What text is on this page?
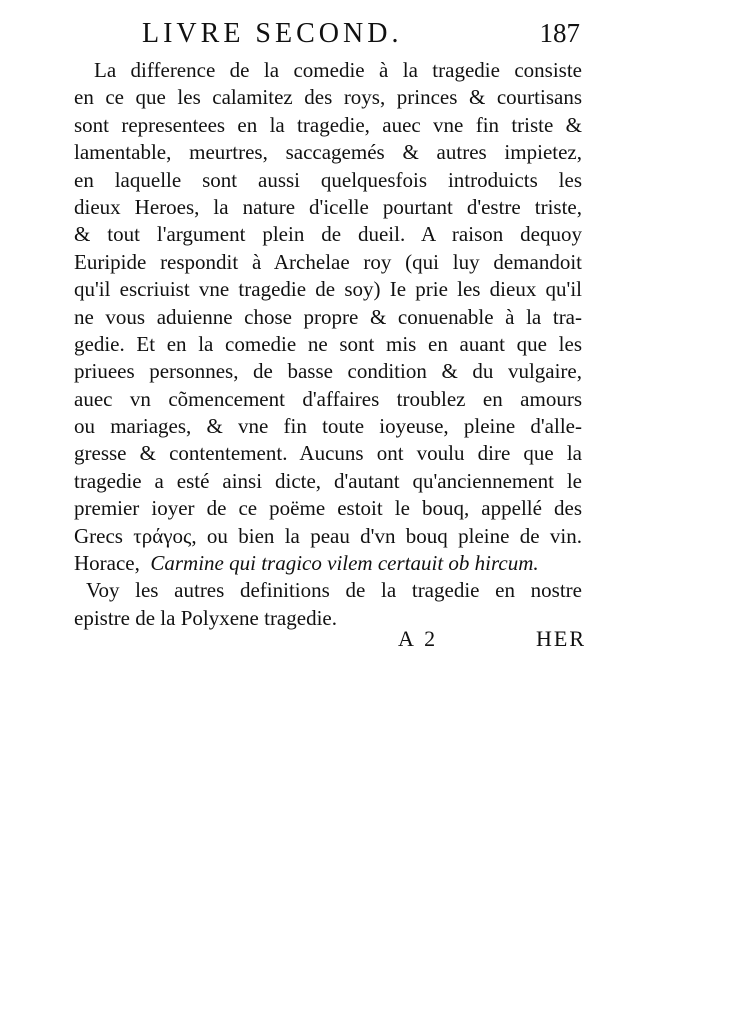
LIVRE SECOND.	187
La difference de la comedie à la tragedie consiste
en ce que les calamitez des roys, princes & courtisans
sont representees en la tragedie, auec vne fin triste &
lamentable, meurtres, saccagemés & autres impietez,
en laquelle sont aussi quelquesfois introduicts les
dieux Heroes, la nature d'icelle pourtant d'estre triste,
& tout l'argument plein de dueil. A raison dequoy
Euripide respondit à Archelae roy (qui luy demandoit
qu'il escriuist vne tragedie de soy) Ie prie les dieux qu'il
ne vous aduienne chose propre & conuenable à la tra-
gedie. Et en la comedie ne sont mis en auant que les
priuees personnes, de basse condition & du vulgaire,
auec vn cõmencement d'affaires troublez en amours
ou mariages, & vne fin toute ioyeuse, pleine d'alle-
gresse & contentement. Aucuns ont voulu dire que la
tragedie a esté ainsi dicte, d'autant qu'anciennement le
premier ioyer de ce poëme estoit le bouq, appellé des
Grecs τράγος, ou bien la peau d'vn bouq pleine de vin.
Horace, Carmine qui tragico vilem certauit ob hircum.
Voy les autres definitions de la tragedie en nostre
epistre de la Polyxene tragedie.
A 2	HER
